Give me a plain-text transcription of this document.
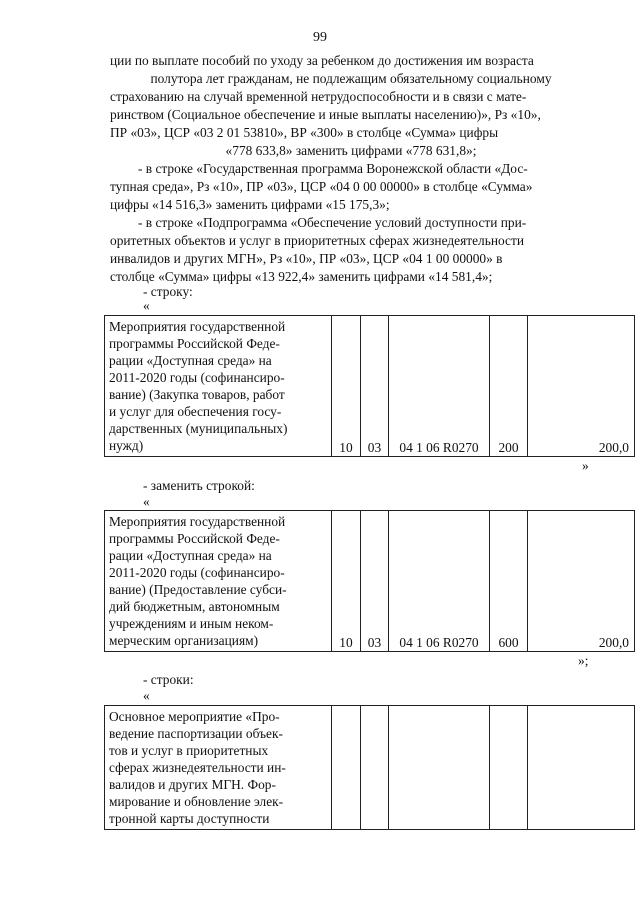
99
ции по выплате пособий по уходу за ребенком до достижения им возраста
полутора лет гражданам, не подлежащим обязательному социальному
страхованию на случай временной нетрудоспособности и в связи с мате-
ринством (Социальное обеспечение и иные выплаты населению)», Рз «10»,
ПР «03», ЦСР «03 2 01 53810», ВР «300» в столбце «Сумма» цифры
«778 633,8» заменить цифрами «778 631,8»;
- в строке «Государственная программа Воронежской области «Дос-
тупная среда», Рз «10», ПР «03», ЦСР «04 0 00 00000» в столбце «Сумма»
цифры «14 516,3» заменить цифрами «15 175,3»;
- в строке «Подпрограмма «Обеспечение условий доступности при-
оритетных объектов и услуг в приоритетных сферах жизнедеятельности
инвалидов и других МГН», Рз «10», ПР «03», ЦСР «04 1 00 00000» в
столбце «Сумма» цифры «13 922,4» заменить цифрами «14 581,4»;
- строку:
«
Мероприятия государственной
программы Российской Феде-
рации «Доступная среда» на
2011-2020 годы (софинансиро-
вание) (Закупка товаров, работ
и услуг для обеспечения госу-
дарственных (муниципальных)
нужд)	10	03	04 1 06 R0270	200	200,0
»
- заменить строкой:
«
Мероприятия государственной
программы Российской Феде-
рации «Доступная среда» на
2011-2020 годы (софинансиро-
вание) (Предоставление субси-
дий бюджетным, автономным
учреждениям и иным неком-
мерческим организациям)	10	03	04 1 06 R0270	600	200,0
»;
- строки:
«
Основное мероприятие «Про-
ведение паспортизации объек-
тов и услуг в приоритетных
сферах жизнедеятельности ин-
валидов и других МГН. Фор-
мирование и обновление элек-
тронной карты доступности
